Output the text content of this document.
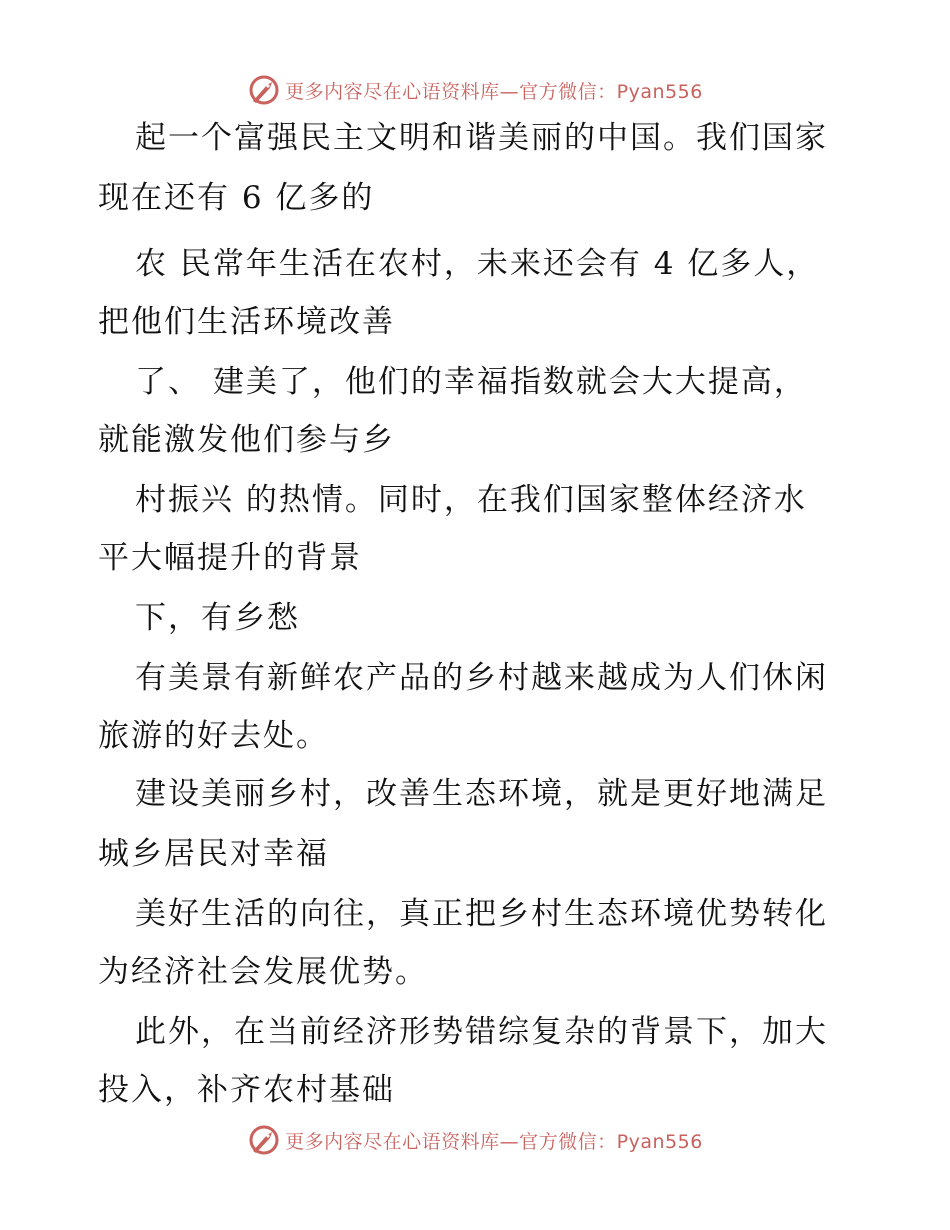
更多内容尽在心语资料库—官方微信：Pyan556
起一个富强民主文明和谐美丽的中国。我们国家
现在还有 6 亿多的
农 民常年生活在农村，未来还会有 4 亿多人，
把他们生活环境改善
了、 建美了，他们的幸福指数就会大大提高，
就能激发他们参与乡
村振兴 的热情。同时，在我们国家整体经济水
平大幅提升的背景
下，有乡愁
有美景有新鲜农产品的乡村越来越成为人们休闲
旅游的好去处。
建设美丽乡村，改善生态环境，就是更好地满足
城乡居民对幸福
美好生活的向往，真正把乡村生态环境优势转化
为经济社会发展优势。
此外，在当前经济形势错综复杂的背景下，加大
投入，补齐农村基础
更多内容尽在心语资料库—官方微信：Pyan556
